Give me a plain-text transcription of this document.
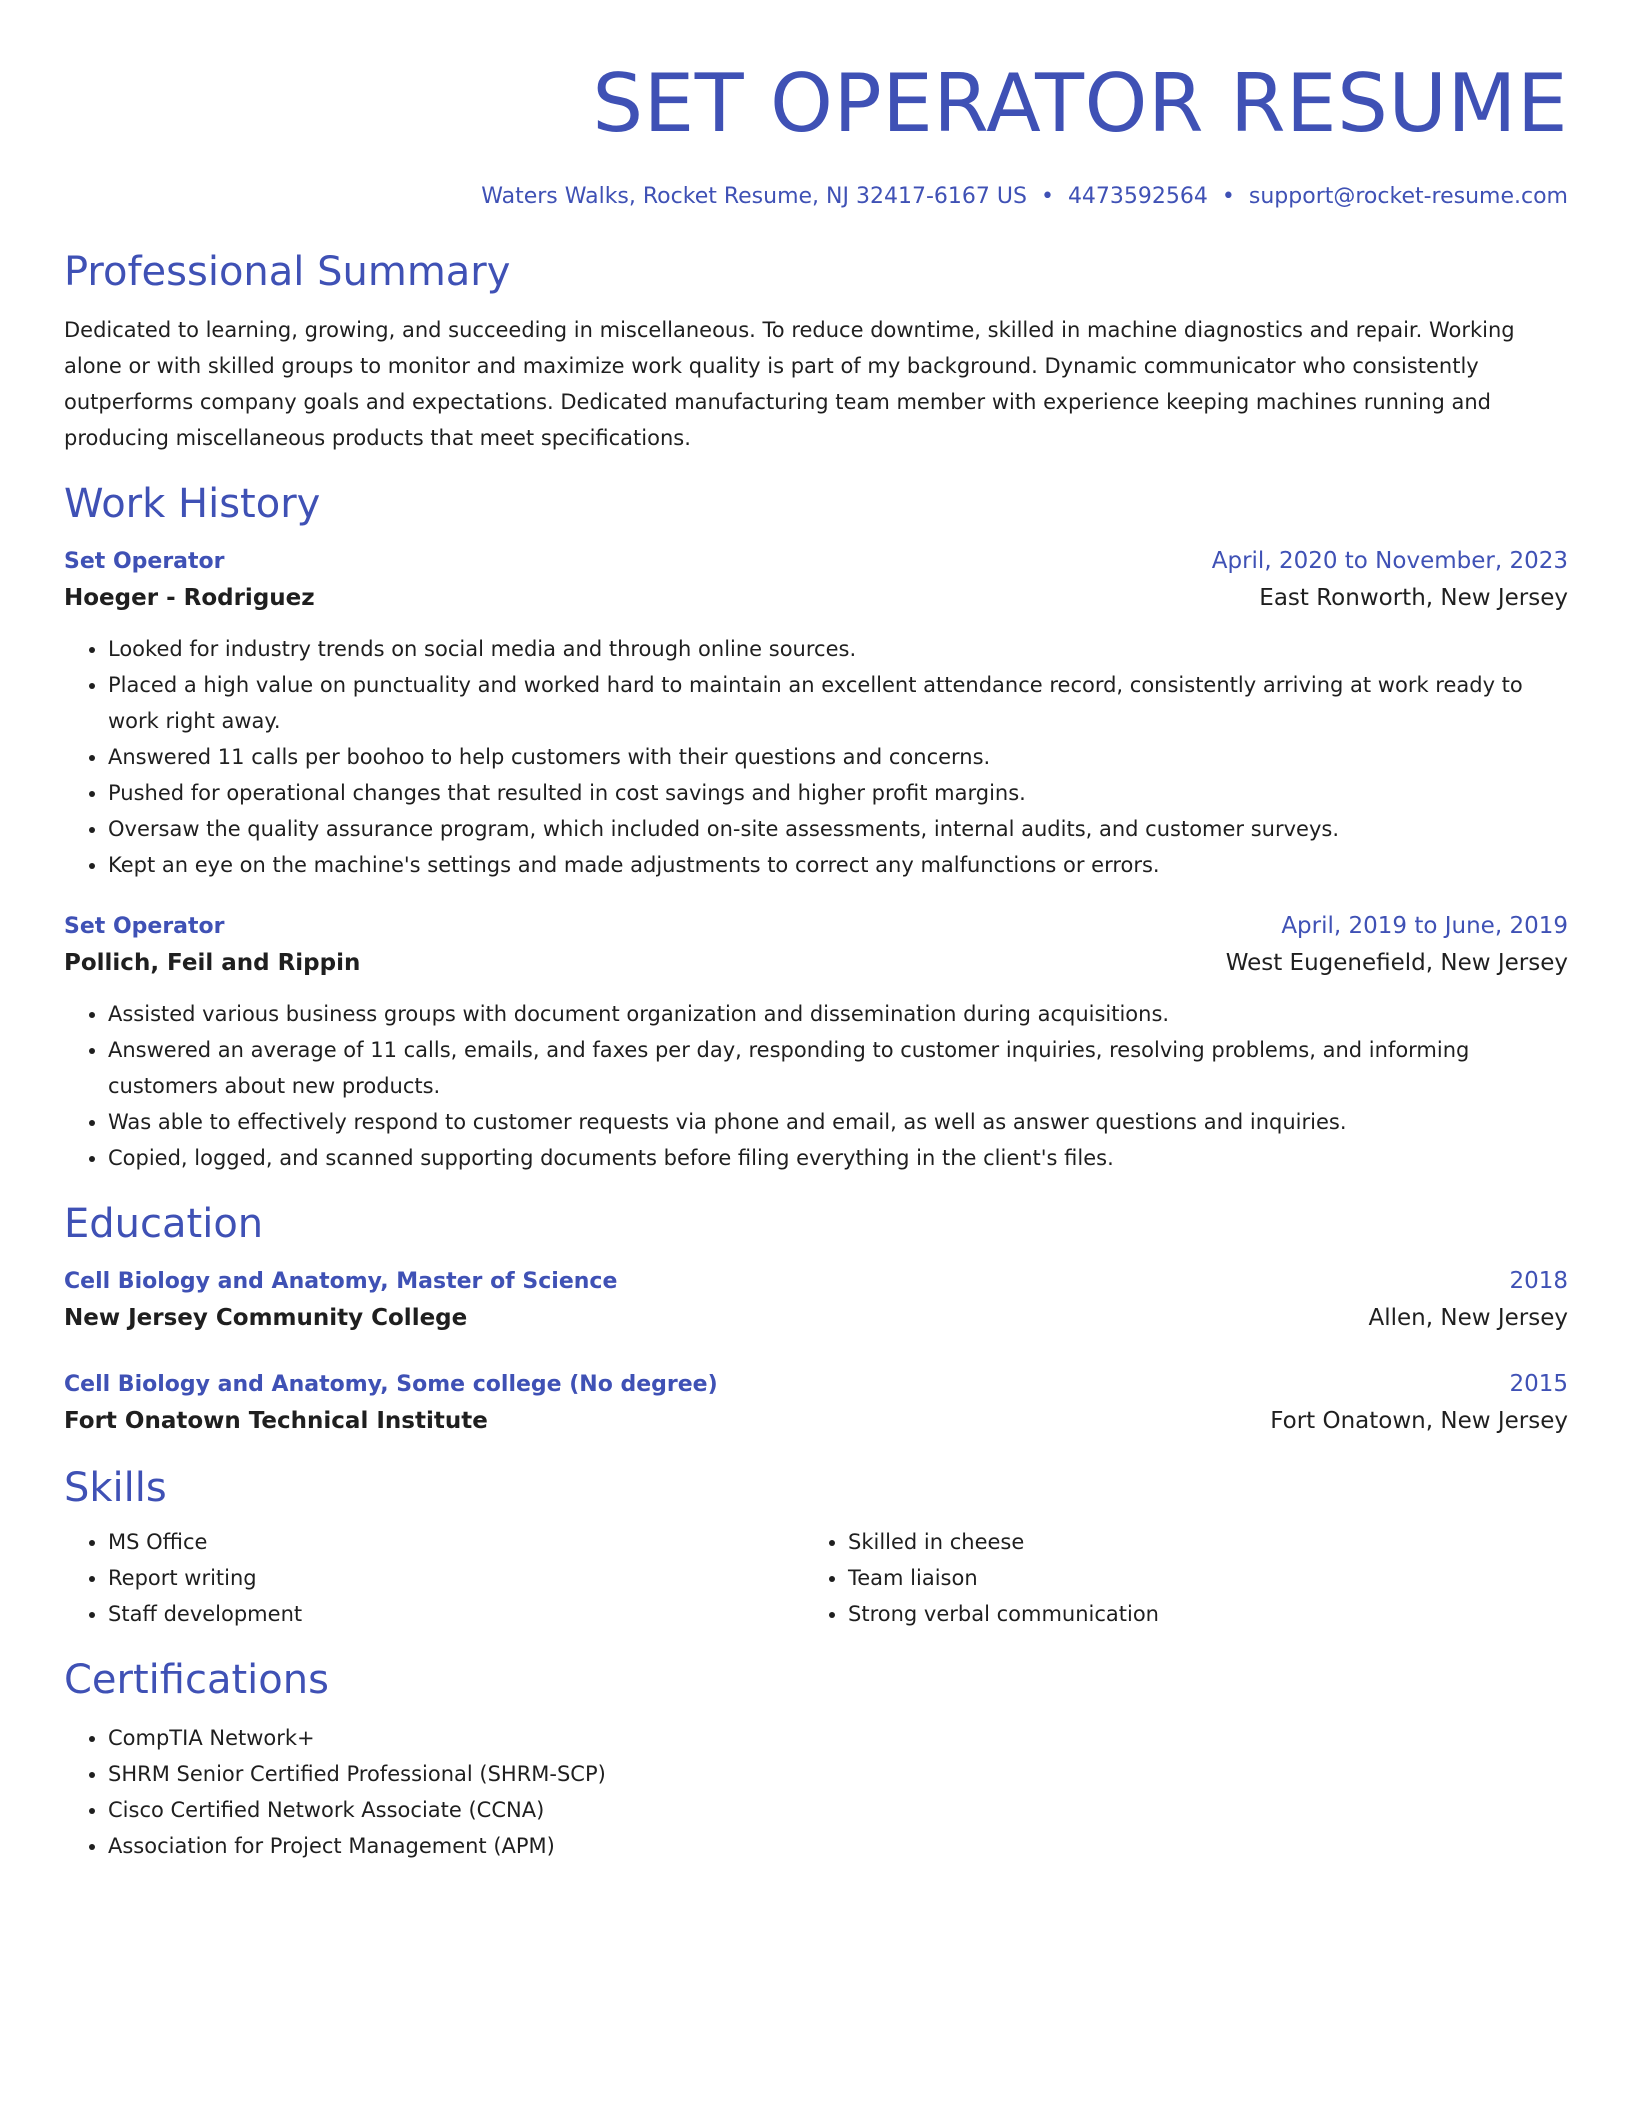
SET OPERATOR RESUME
Waters Walks, Rocket Resume, NJ 32417-6167 US • 4473592564 • support@rocket-resume.com
Professional Summary

Dedicated to learning, growing, and succeeding in miscellaneous. To reduce downtime, skilled in machine diagnostics and repair. Working alone or with skilled groups to monitor and maximize work quality is part of my background. Dynamic communicator who consistently outperforms company goals and expectations. Dedicated manufacturing team member with experience keeping machines running and producing miscellaneous products that meet specifications.

Work History
Set Operator	April, 2020 to November, 2023
Hoeger - Rodriguez	East Ronworth, New Jersey
• Looked for industry trends on social media and through online sources.
• Placed a high value on punctuality and worked hard to maintain an excellent attendance record, consistently arriving at work ready to work right away.
• Answered 11 calls per boohoo to help customers with their questions and concerns.
• Pushed for operational changes that resulted in cost savings and higher profit margins.
• Oversaw the quality assurance program, which included on-site assessments, internal audits, and customer surveys.
• Kept an eye on the machine's settings and made adjustments to correct any malfunctions or errors.
Set Operator	April, 2019 to June, 2019
Pollich, Feil and Rippin	West Eugenefield, New Jersey
• Assisted various business groups with document organization and dissemination during acquisitions.
• Answered an average of 11 calls, emails, and faxes per day, responding to customer inquiries, resolving problems, and informing customers about new products.
• Was able to effectively respond to customer requests via phone and email, as well as answer questions and inquiries.
• Copied, logged, and scanned supporting documents before filing everything in the client's files.
Education
Cell Biology and Anatomy, Master of Science	2018
New Jersey Community College	Allen, New Jersey
Cell Biology and Anatomy, Some college (No degree)	2015
Fort Onatown Technical Institute	Fort Onatown, New Jersey
Skills
• MS Office
• Report writing
• Staff development
• Skilled in cheese
• Team liaison
• Strong verbal communication
Certifications
• CompTIA Network+
• SHRM Senior Certified Professional (SHRM-SCP)
• Cisco Certified Network Associate (CCNA)
• Association for Project Management (APM)
